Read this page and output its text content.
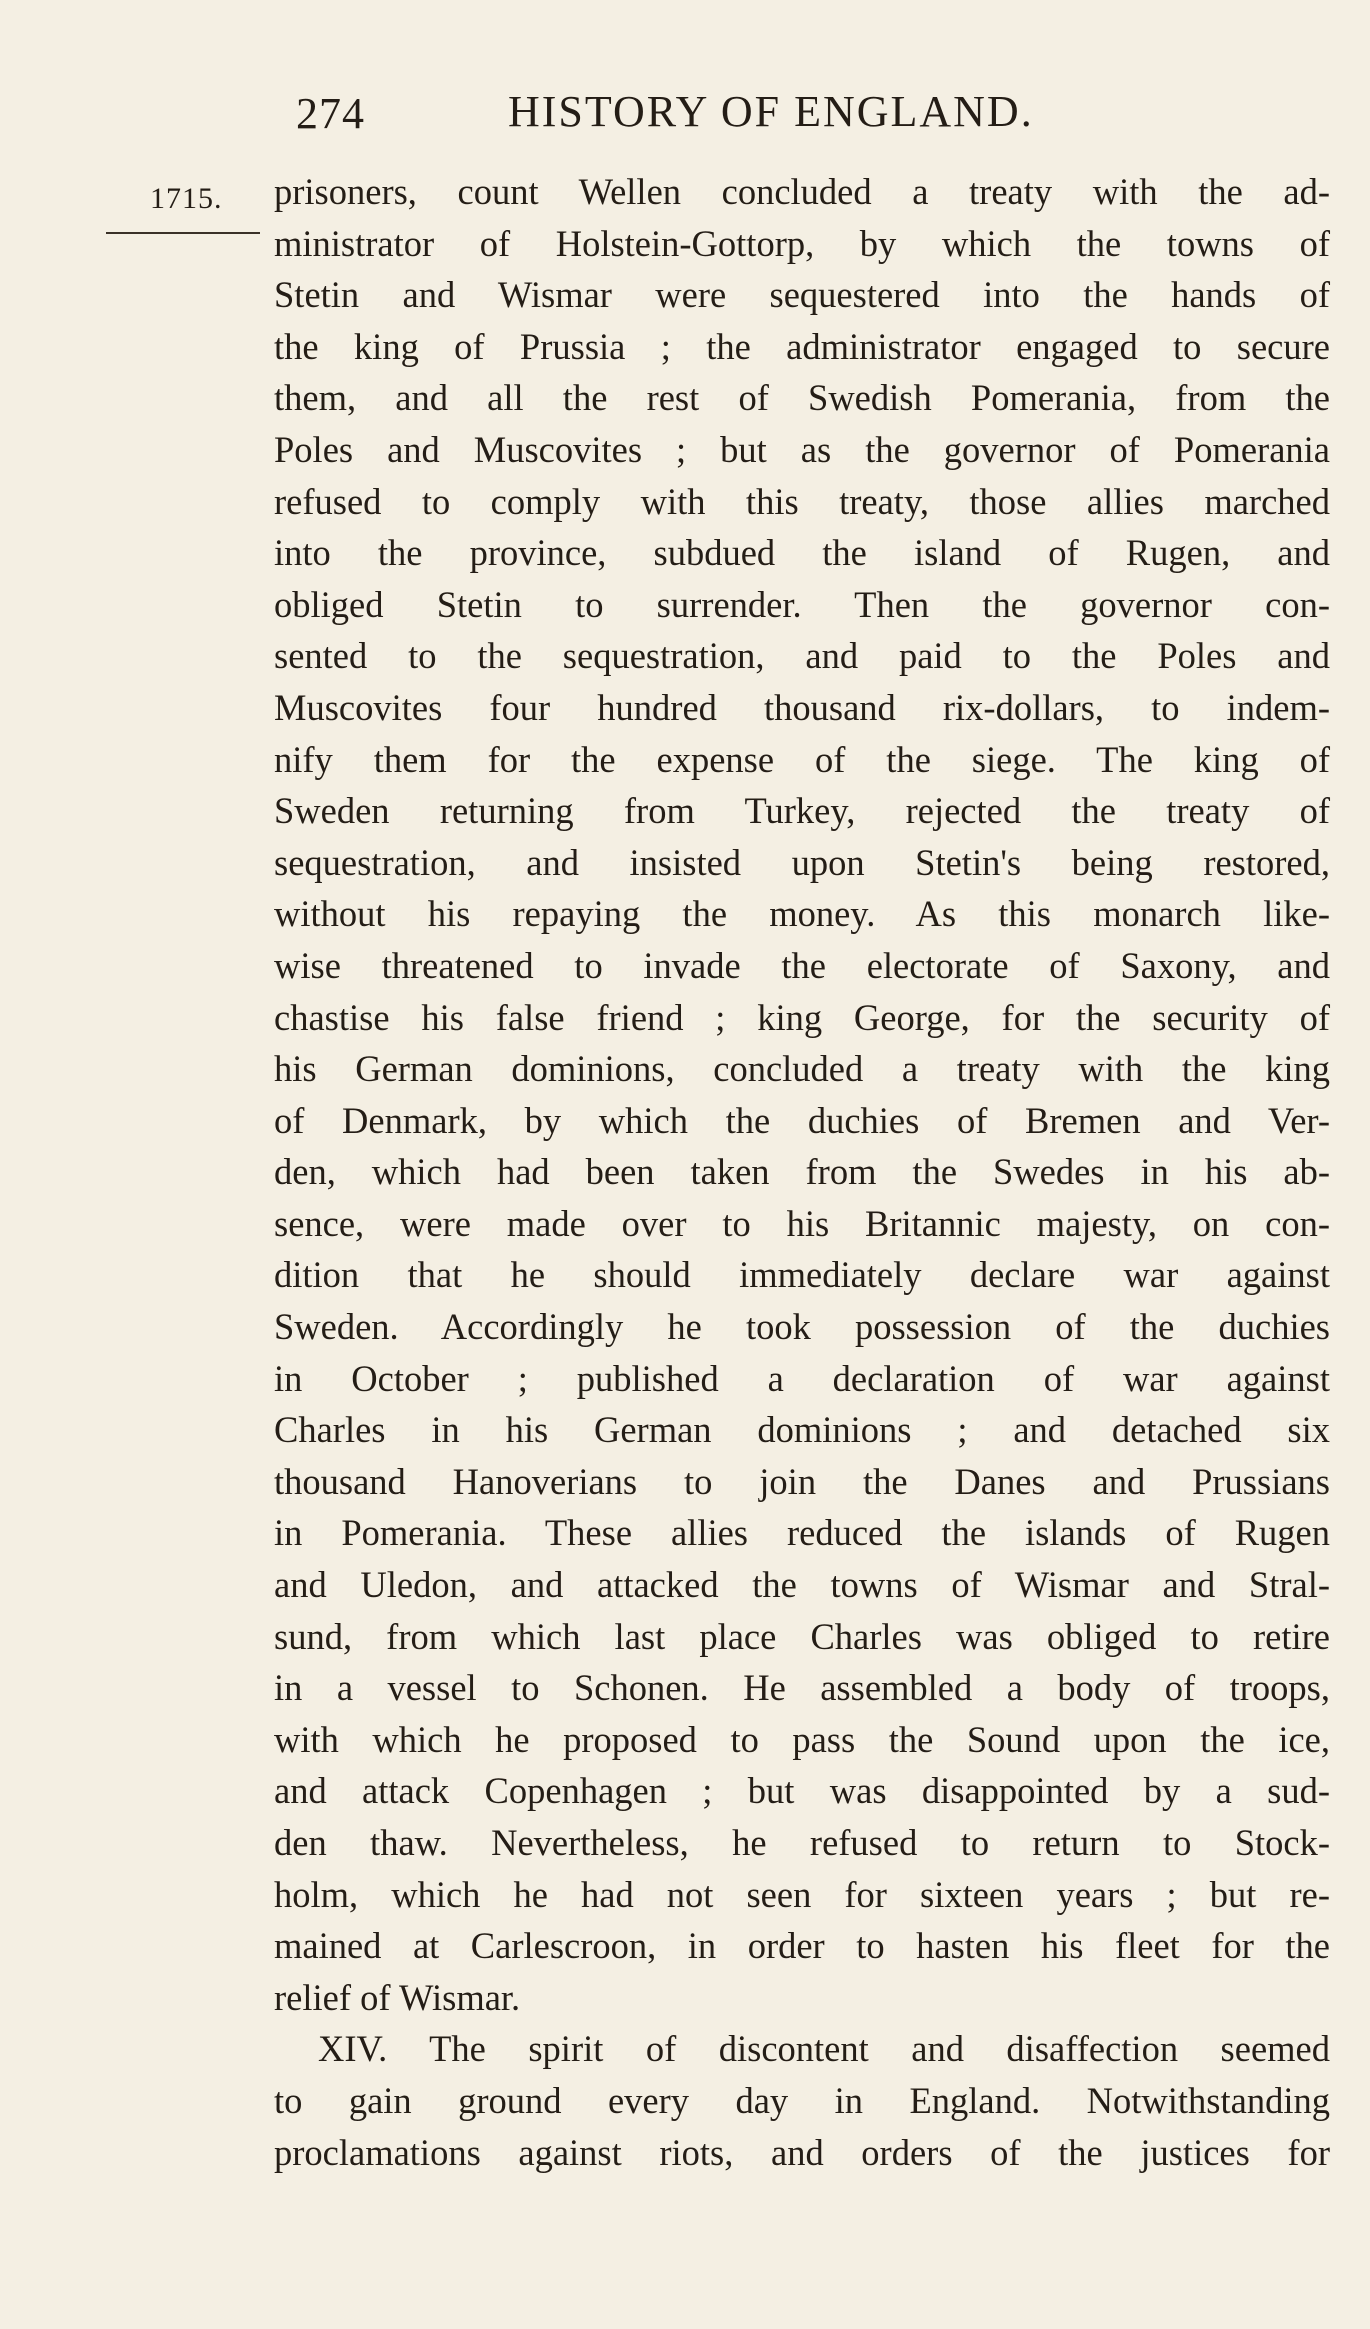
274	HISTORY OF ENGLAND.
1715. prisoners, count Wellen concluded a treaty with the ad-
ministrator of Holstein-Gottorp, by which the towns of
Stetin and Wismar were sequestered into the hands of
the king of Prussia ; the administrator engaged to secure
them, and all the rest of Swedish Pomerania, from the
Poles and Muscovites ; but as the governor of Pomerania
refused to comply with this treaty, those allies marched
into the province, subdued the island of Rugen, and
obliged Stetin to surrender. Then the governor con-
sented to the sequestration, and paid to the Poles and
Muscovites four hundred thousand rix-dollars, to indem-
nify them for the expense of the siege. The king of
Sweden returning from Turkey, rejected the treaty of
sequestration, and insisted upon Stetin's being restored,
without his repaying the money. As this monarch like-
wise threatened to invade the electorate of Saxony, and
chastise his false friend ; king George, for the security of
his German dominions, concluded a treaty with the king
of Denmark, by which the duchies of Bremen and Ver-
den, which had been taken from the Swedes in his ab-
sence, were made over to his Britannic majesty, on con-
dition that he should immediately declare war against
Sweden. Accordingly he took possession of the duchies
in October ; published a declaration of war against
Charles in his German dominions ; and detached six
thousand Hanoverians to join the Danes and Prussians
in Pomerania. These allies reduced the islands of Rugen
and Uledon, and attacked the towns of Wismar and Stral-
sund, from which last place Charles was obliged to retire
in a vessel to Schonen. He assembled a body of troops,
with which he proposed to pass the Sound upon the ice,
and attack Copenhagen ; but was disappointed by a sud-
den thaw. Nevertheless, he refused to return to Stock-
holm, which he had not seen for sixteen years ; but re-
mained at Carlescroon, in order to hasten his fleet for the
relief of Wismar.
XIV. The spirit of discontent and disaffection seemed
to gain ground every day in England. Notwithstanding
proclamations against riots, and orders of the justices for
